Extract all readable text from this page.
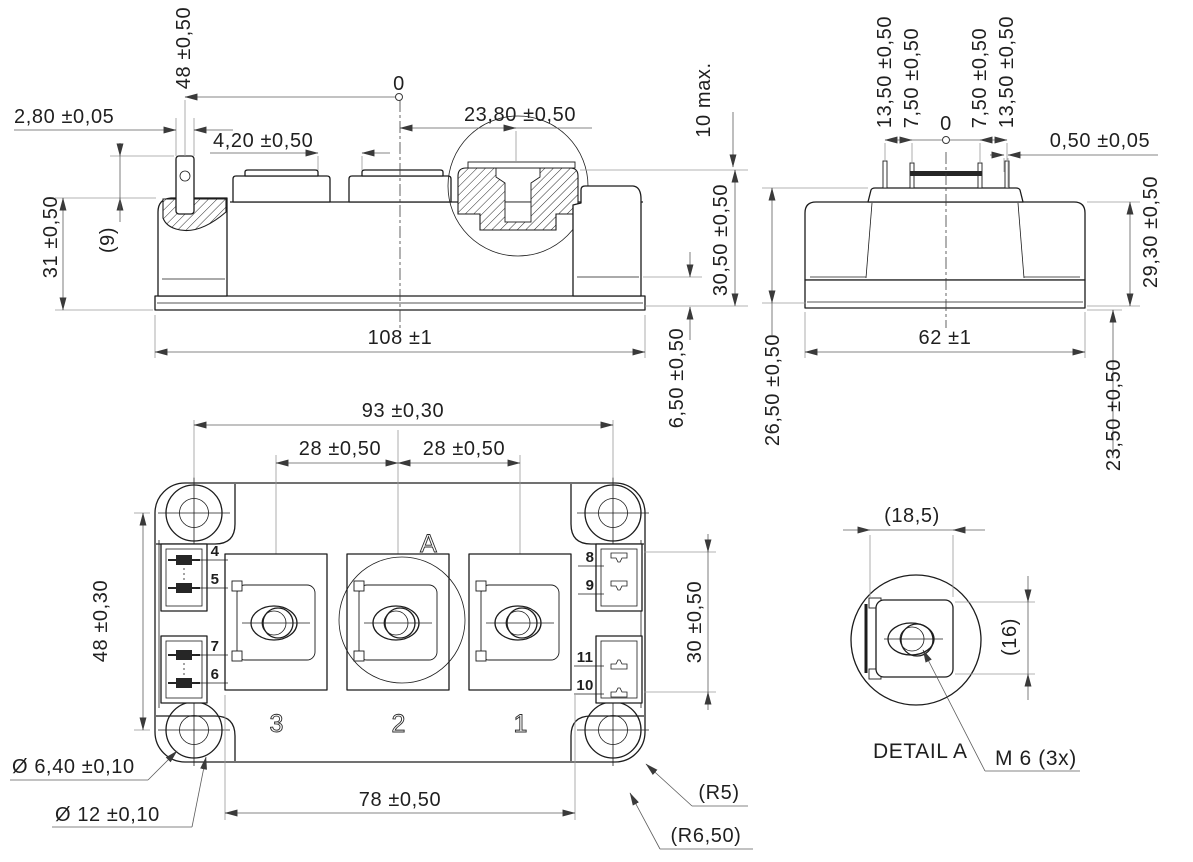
48 ±0,50
2,80 ±0,05
4,20 ±0,50
23,80 ±0,50
0	10 max.
31 ±0,50 (9)	30,50 ±0,50
108 ±1	6,50 ±0,50
13,50 ±0,50 7,50 ±0,50 0 7,50 ±0,50 13,50 ±0,50
0,50 ±0,05
29,30 ±0,50
62 ±1
26,50 ±0,50	23,50 ±0,50
93 ±0,30
28 ±0,50 28 ±0,50
A
48 ±0,30	30 ±0,50
78 ±0,50
Ø 6,40 ±0,10
Ø 12 ±0,10
(R5)
(R6,50)
4
5
7
6
8
9
11
10
3	2	1
(18,5)
(16)
DETAIL A M 6 (3x)
